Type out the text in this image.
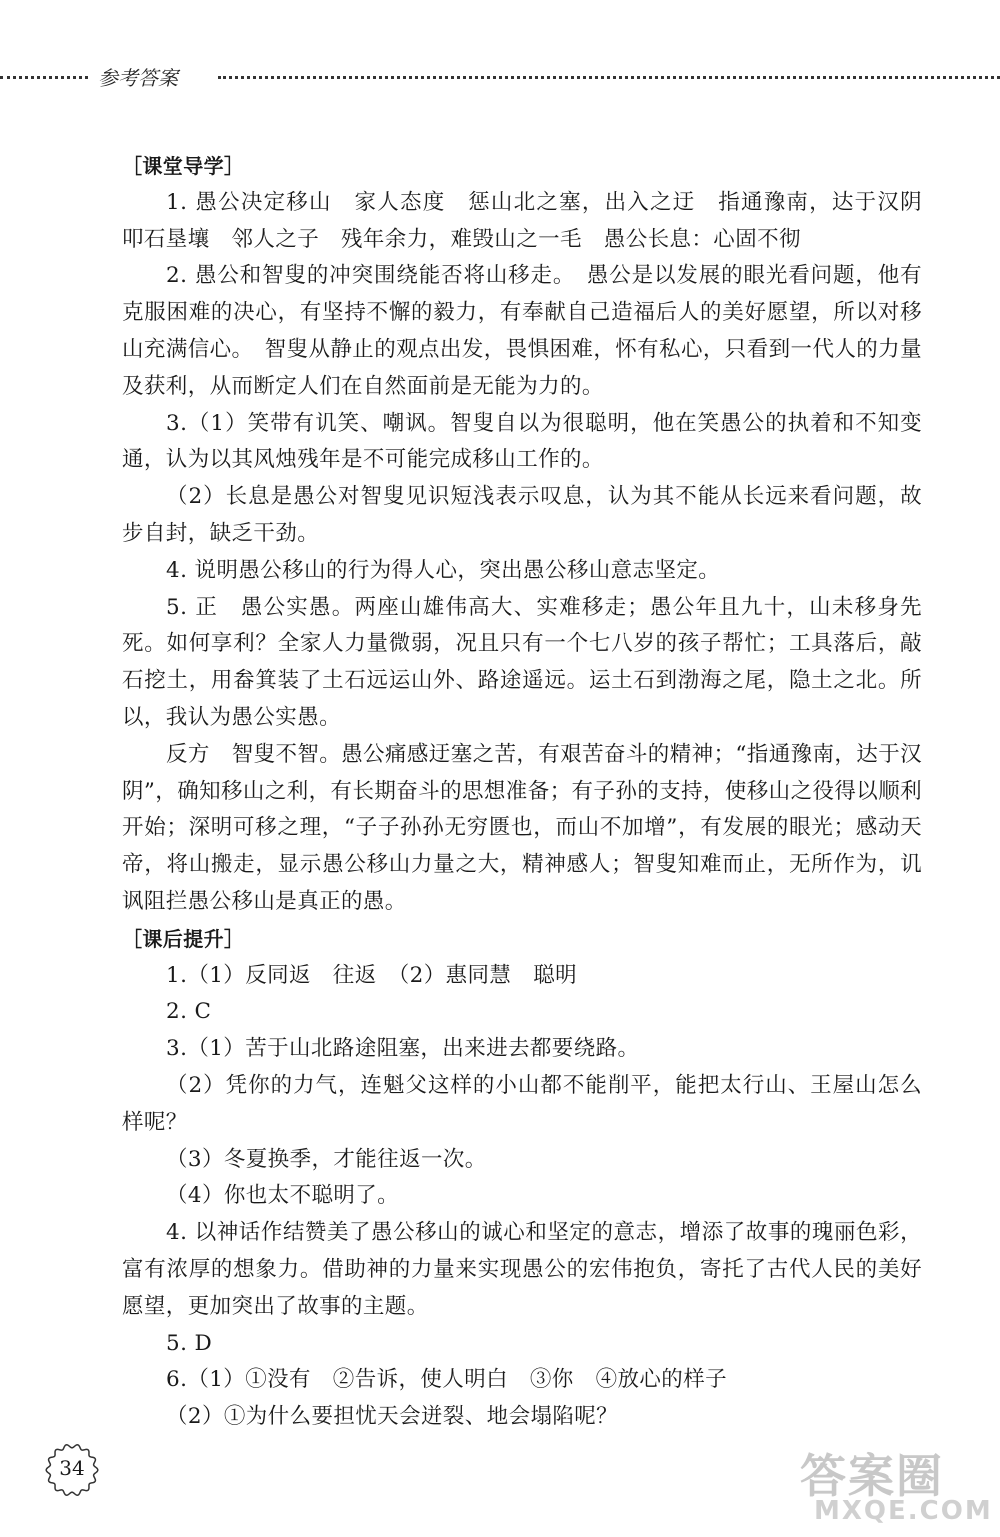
参考答案

［课堂导学］

1. 愚公决定移山　家人态度　惩山北之塞，出入之迂　指通豫南，达于汉阴　叩石垦壤　邻人之子　残年余力，难毁山之一毛　愚公长息：心固不彻

2. 愚公和智叟的冲突围绕能否将山移走。　愚公是以发展的眼光看问题，他有克服困难的决心，有坚持不懈的毅力，有奉献自己造福后人的美好愿望，所以对移山充满信心。　智叟从静止的观点出发，畏惧困难，怀有私心，只看到一代人的力量及获利，从而断定人们在自然面前是无能为力的。

3.（1）笑带有讥笑、嘲讽。智叟自以为很聪明，他在笑愚公的执着和不知变通，认为以其风烛残年是不可能完成移山工作的。

（2）长息是愚公对智叟见识短浅表示叹息，认为其不能从长远来看问题，故步自封，缺乏干劲。

4. 说明愚公移山的行为得人心，突出愚公移山意志坚定。

5. 正　愚公实愚。两座山雄伟高大、实难移走；愚公年且九十，山未移身先死。如何享利？全家人力量微弱，况且只有一个七八岁的孩子帮忙；工具落后，敲石挖土，用畚箕装了土石远运山外、路途遥远。运土石到渤海之尾，隐土之北。所以，我认为愚公实愚。

反方　智叟不智。愚公痛感迂塞之苦，有艰苦奋斗的精神；“指通豫南，达于汉阴”，确知移山之利，有长期奋斗的思想准备；有子孙的支持，使移山之役得以顺利开始；深明可移之理，“子子孙孙无穷匮也，而山不加增”，有发展的眼光；感动天帝，将山搬走，显示愚公移山力量之大，精神感人；智叟知难而止，无所作为，讥讽阻拦愚公移山是真正的愚。

［课后提升］

1.（1）反同返　往返　（2）惠同慧　聪明

2. C

3.（1）苦于山北路途阻塞，出来进去都要绕路。

（2）凭你的力气，连魁父这样的小山都不能削平，能把太行山、王屋山怎么样呢？

（3）冬夏换季，才能往返一次。

（4）你也太不聪明了。

4. 以神话作结赞美了愚公移山的诚心和坚定的意志，增添了故事的瑰丽色彩，富有浓厚的想象力。借助神的力量来实现愚公的宏伟抱负，寄托了古代人民的美好愿望，更加突出了故事的主题。

5. D

6.（1）①没有　②告诉，使人明白　③你　④放心的样子

（2）①为什么要担忧天会迸裂、地会塌陷呢？

34	答案圈
MXQE.COM
